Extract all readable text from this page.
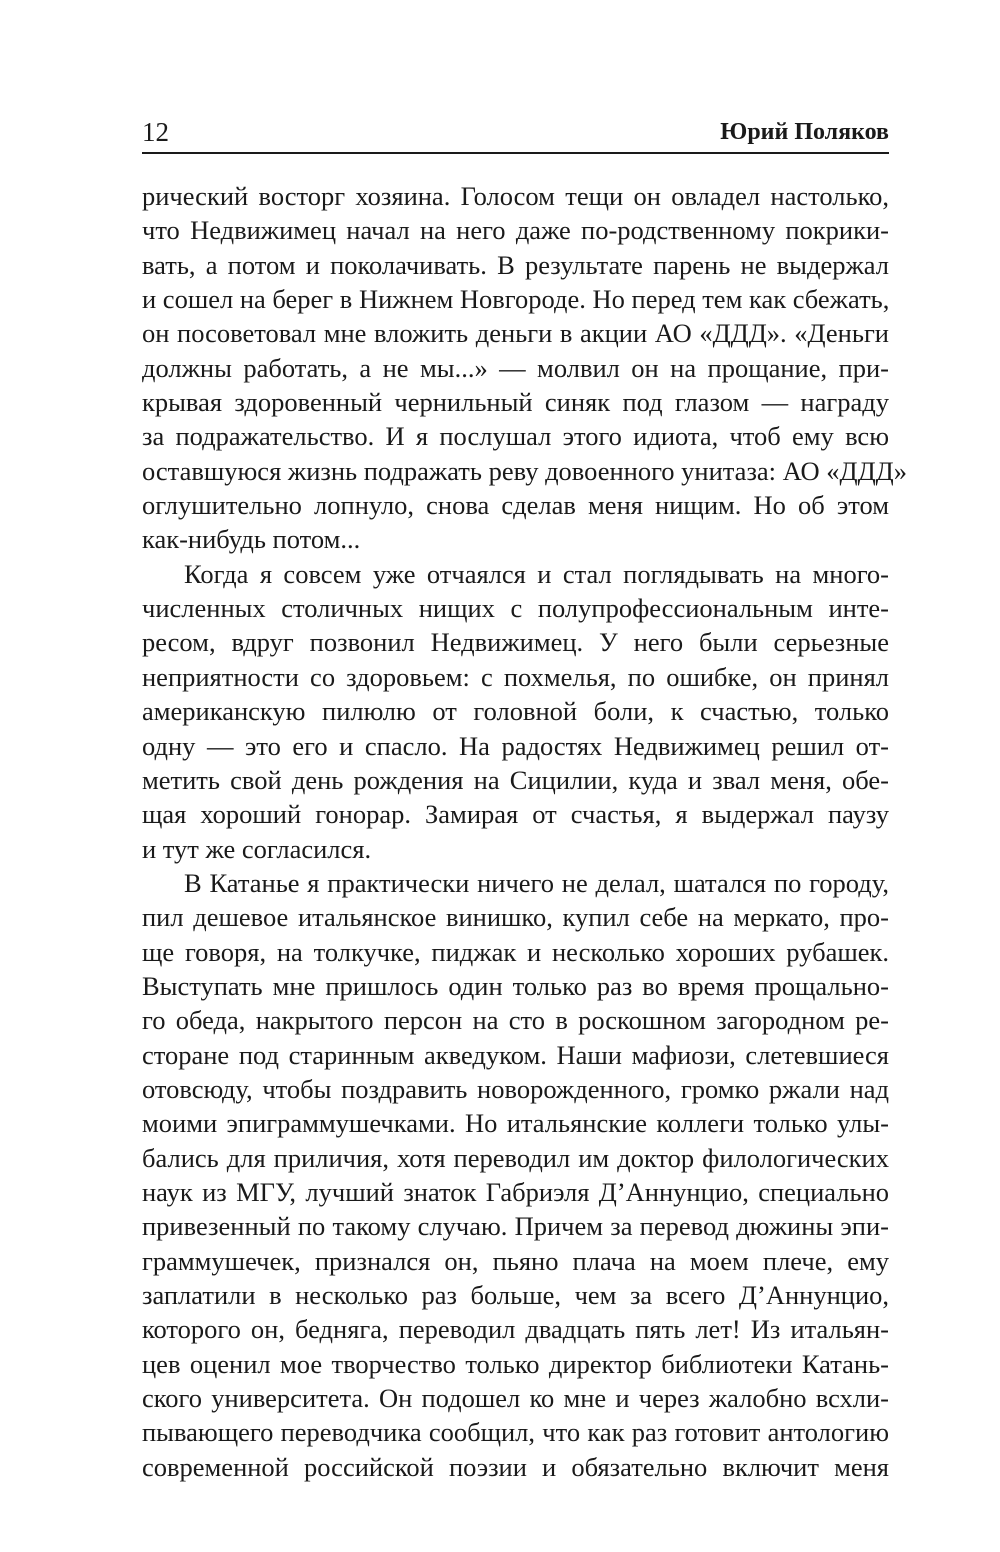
12	Юрий Поляков
рический восторг хозяина. Голосом тещи он овладел настолько,
что Недвижимец начал на него даже по-родственному покрики-
вать, а потом и поколачивать. В результате парень не выдержал
и сошел на берег в Нижнем Новгороде. Но перед тем как сбежать,
он посоветовал мне вложить деньги в акции АО «ДДД». «Деньги
должны работать, а не мы...» — молвил он на прощание, при-
крывая здоровенный чернильный синяк под глазом — награду
за подражательство. И я послушал этого идиота, чтоб ему всю
оставшуюся жизнь подражать реву довоенного унитаза: АО «ДДД»
оглушительно лопнуло, снова сделав меня нищим. Но об этом
как-нибудь потом...
Когда я совсем уже отчаялся и стал поглядывать на много-
численных столичных нищих с полупрофессиональным инте-
ресом, вдруг позвонил Недвижимец. У него были серьезные
неприятности со здоровьем: с похмелья, по ошибке, он принял
американскую пилюлю от головной боли, к счастью, только
одну — это его и спасло. На радостях Недвижимец решил от-
метить свой день рождения на Сицилии, куда и звал меня, обе-
щая хороший гонорар. Замирая от счастья, я выдержал паузу
и тут же согласился.
В Катанье я практически ничего не делал, шатался по городу,
пил дешевое итальянское винишко, купил себе на меркато, про-
ще говоря, на толкучке, пиджак и несколько хороших рубашек.
Выступать мне пришлось один только раз во время прощально-
го обеда, накрытого персон на сто в роскошном загородном ре-
сторане под старинным акведуком. Наши мафиози, слетевшиеся
отовсюду, чтобы поздравить новорожденного, громко ржали над
моими эпиграммушечками. Но итальянские коллеги только улы-
бались для приличия, хотя переводил им доктор филологических
наук из МГУ, лучший знаток Габриэля Д’Аннунцио, специально
привезенный по такому случаю. Причем за перевод дюжины эпи-
граммушечек, признался он, пьяно плача на моем плече, ему
заплатили в несколько раз больше, чем за всего Д’Аннунцио,
которого он, бедняга, переводил двадцать пять лет! Из итальян-
цев оценил мое творчество только директор библиотеки Катань-
ского университета. Он подошел ко мне и через жалобно всхли-
пывающего переводчика сообщил, что как раз готовит антологию
современной российской поэзии и обязательно включит меня
